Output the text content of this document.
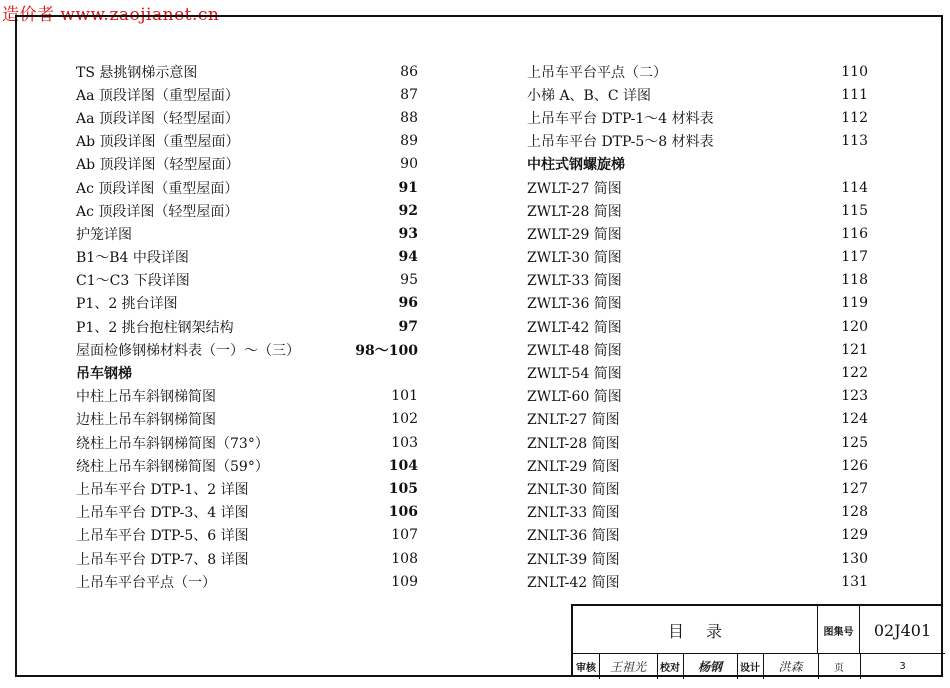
造价者 www.zaojianet.cn
TS 悬挑钢梯示意图	86
Aa 顶段详图（重型屋面）	87
Aa 顶段详图（轻型屋面）	88
Ab 顶段详图（重型屋面）	89
Ab 顶段详图（轻型屋面）	90
Ac 顶段详图（重型屋面）	91
Ac 顶段详图（轻型屋面）	92
护笼详图	93
B1～B4 中段详图	94
C1～C3 下段详图	95
P1、2 挑台详图	96
P1、2 挑台抱柱钢架结构	97
屋面检修钢梯材料表（一）～（三）	98～100
吊车钢梯
中柱上吊车斜钢梯简图	101
边柱上吊车斜钢梯简图	102
绕柱上吊车斜钢梯简图（73°）	103
绕柱上吊车斜钢梯简图（59°）	104
上吊车平台 DTP-1、2 详图	105
上吊车平台 DTP-3、4 详图	106
上吊车平台 DTP-5、6 详图	107
上吊车平台 DTP-7、8 详图	108
上吊车平台平点（一）	109
上吊车平台平点（二）	110
小梯 A、B、C 详图	111
上吊车平台 DTP-1～4 材料表	112
上吊车平台 DTP-5～8 材料表	113
中柱式钢螺旋梯
ZWLT-27 简图	114
ZWLT-28 简图	115
ZWLT-29 简图	116
ZWLT-30 简图	117
ZWLT-33 简图	118
ZWLT-36 简图	119
ZWLT-42 简图	120
ZWLT-48 简图	121
ZWLT-54 简图	122
ZWLT-60 简图	123
ZNLT-27 简图	124
ZNLT-28 简图	125
ZNLT-29 简图	126
ZNLT-30 简图	127
ZNLT-33 简图	128
ZNLT-36 简图	129
ZNLT-39 简图	130
ZNLT-42 简图	131
目录	图集号	02J401
审核	王祖光	校对	杨钢	设计	洪森	页	3
